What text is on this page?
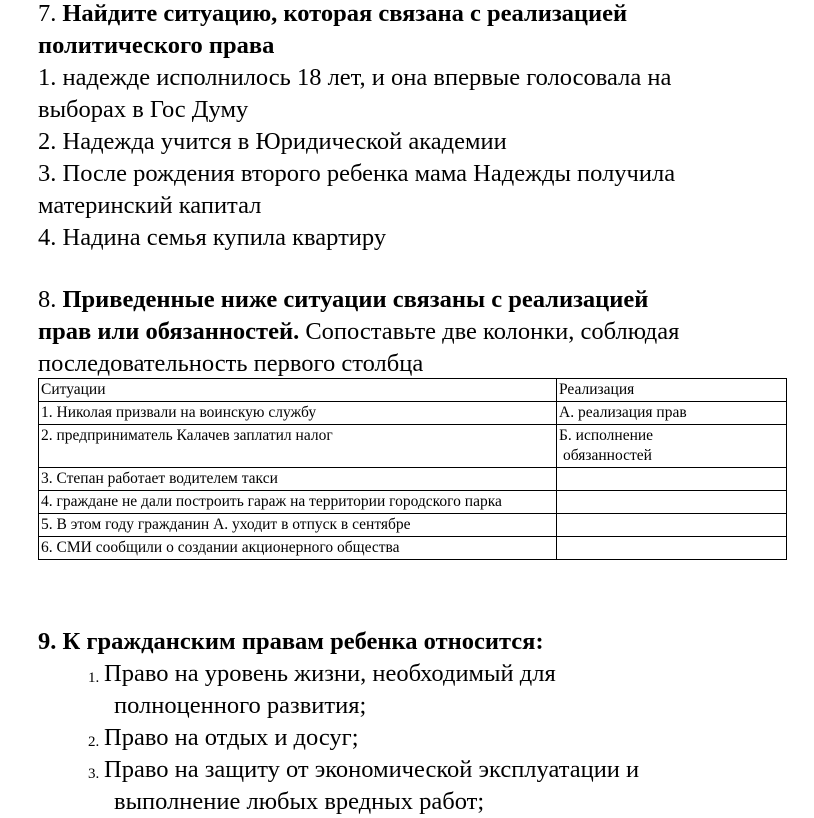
7. Найдите ситуацию, которая связана с реализацией
политического права
1. надежде исполнилось 18 лет, и она впервые голосовала на
выборах в Гос Думу
2. Надежда учится в Юридической академии
3. После рождения второго ребенка мама Надежды получила
материнский капитал
4. Надина семья купила квартиру
8. Приведенные ниже ситуации связаны с реализацией
прав или обязанностей. Сопоставьте две колонки, соблюдая
последовательность первого столбца
Ситуации	Реализация
1. Николая призвали на воинскую службу	А. реализация прав
2. предприниматель Калачев заплатил налог	Б. исполнение
обязанностей

3. Степан работает водителем такси	
4. граждане не дали построить гараж на территории городского парка	
5. В этом году гражданин А. уходит в отпуск в сентябре	
6. СМИ сообщили о создании акционерного общества	
9. К гражданским правам ребенка относится:
1. Право на уровень жизни, необходимый для
полноценного развития;
2. Право на отдых и досуг;
3. Право на защиту от экономической эксплуатации и
выполнение любых вредных работ;
